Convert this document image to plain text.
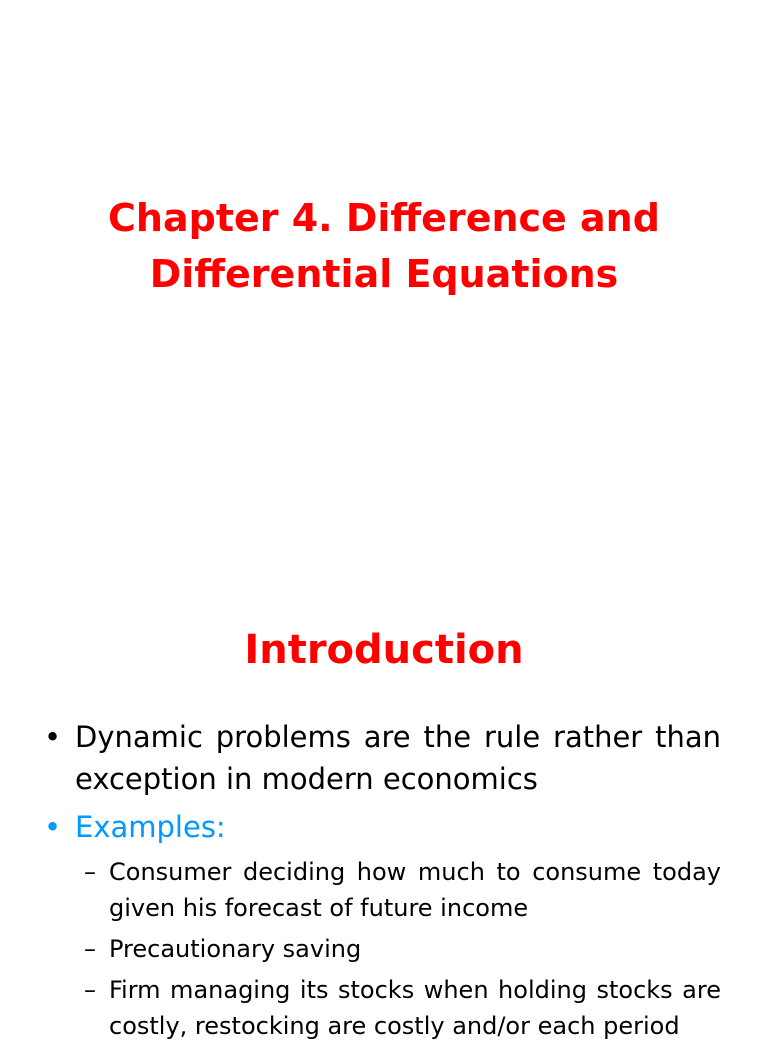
Chapter 4. Difference and
Differential Equations
Introduction
• Dynamic problems are the rule rather than exception in modern economics
• Examples:
– Consumer deciding how much to consume today given his forecast of future income
– Precautionary saving
– Firm managing its stocks when holding stocks are costly, restocking are costly and/or each period
